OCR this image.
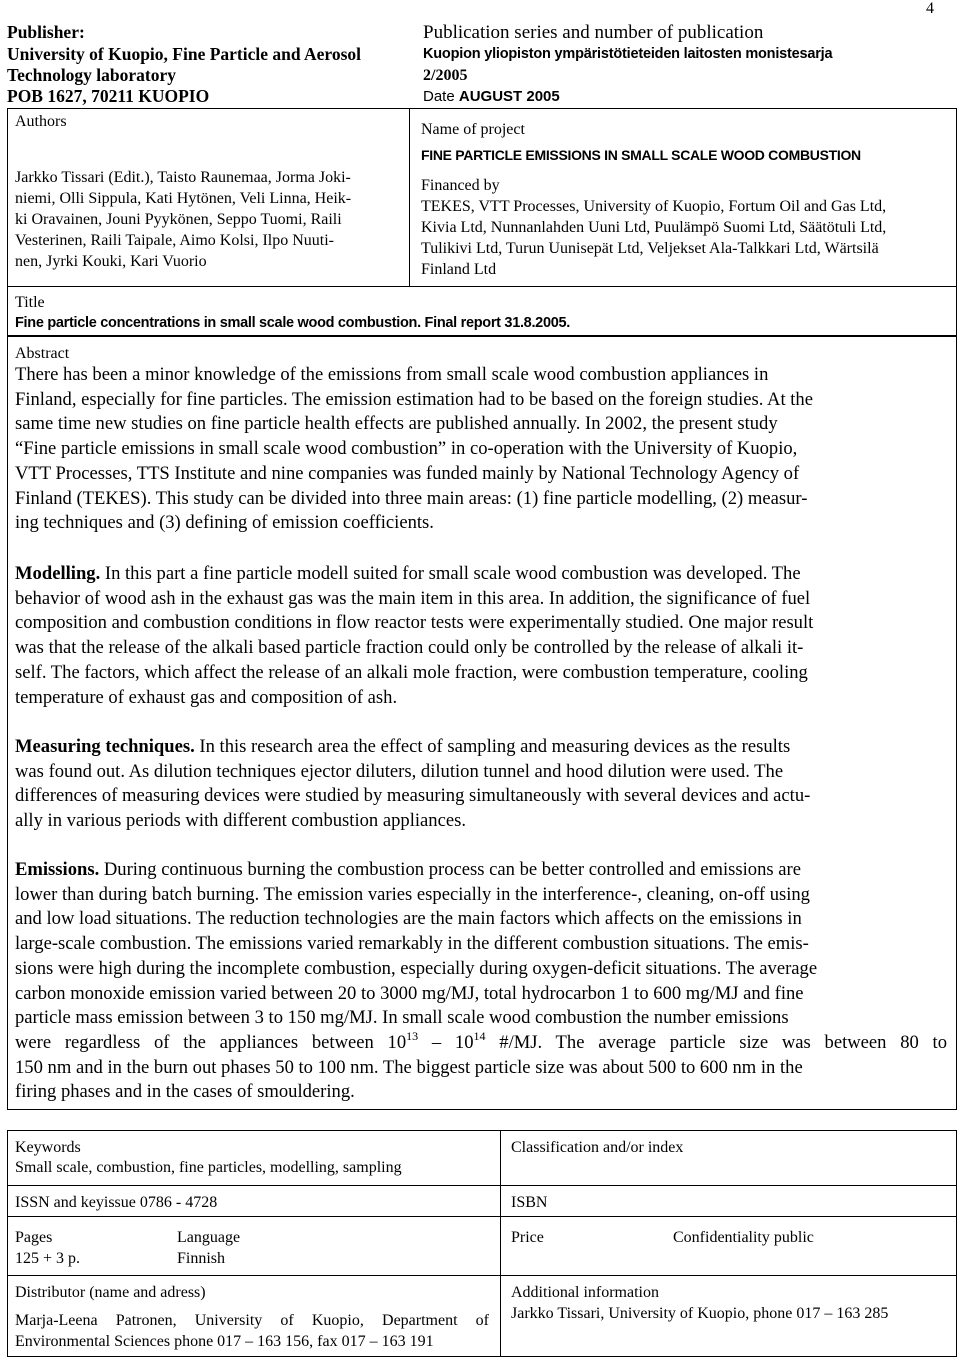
4
Publisher:
University of Kuopio, Fine Particle and Aerosol
Technology laboratory
POB 1627, 70211 KUOPIO
Publication series and number of publication
Kuopion yliopiston ympäristötieteiden laitosten monistesarja
2/2005
Date AUGUST 2005
Authors
Jarkko Tissari (Edit.), Taisto Raunemaa, Jorma Joki-
niemi, Olli Sippula, Kati Hytönen, Veli Linna, Heik-
ki Oravainen, Jouni Pyykönen, Seppo Tuomi, Raili
Vesterinen, Raili Taipale, Aimo Kolsi, Ilpo Nuuti-
nen, Jyrki Kouki, Kari Vuorio
Name of project
FINE PARTICLE EMISSIONS IN SMALL SCALE WOOD COMBUSTION
Financed by
TEKES, VTT Processes, University of Kuopio, Fortum Oil and Gas Ltd,
Kivia Ltd, Nunnanlahden Uuni Ltd, Puulämpö Suomi Ltd, Säätötuli Ltd,
Tulikivi Ltd, Turun Uunisepät Ltd, Veljekset Ala-Talkkari Ltd, Wärtsilä
Finland Ltd
Title
Fine particle concentrations in small scale wood combustion. Final report 31.8.2005.
Abstract
There has been a minor knowledge of the emissions from small scale wood combustion appliances in
Finland, especially for fine particles. The emission estimation had to be based on the foreign studies. At the
same time new studies on fine particle health effects are published annually. In 2002, the present study
“Fine particle emissions in small scale wood combustion” in co-operation with the University of Kuopio,
VTT Processes, TTS Institute and nine companies was funded mainly by National Technology Agency of
Finland (TEKES). This study can be divided into three main areas: (1) fine particle modelling, (2) measur-
ing techniques and (3) defining of emission coefficients.
Modelling. In this part a fine particle modell suited for small scale wood combustion was developed. The
behavior of wood ash in the exhaust gas was the main item in this area. In addition, the significance of fuel
composition and combustion conditions in flow reactor tests were experimentally studied. One major result
was that the release of the alkali based particle fraction could only be controlled by the release of alkali it-
self. The factors, which affect the release of an alkali mole fraction, were combustion temperature, cooling
temperature of exhaust gas and composition of ash.
Measuring techniques. In this research area the effect of sampling and measuring devices as the results
was found out. As dilution techniques ejector diluters, dilution tunnel and hood dilution were used. The
differences of measuring devices were studied by measuring simultaneously with several devices and actu-
ally in various periods with different combustion appliances.
Emissions. During continuous burning the combustion process can be better controlled and emissions are
lower than during batch burning. The emission varies especially in the interference-, cleaning, on-off using
and low load situations. The reduction technologies are the main factors which affects on the emissions in
large-scale combustion. The emissions varied remarkably in the different combustion situations. The emis-
sions were high during the incomplete combustion, especially during oxygen-deficit situations. The average
carbon monoxide emission varied between 20 to 3000 mg/MJ, total hydrocarbon 1 to 600 mg/MJ and fine
particle mass emission between 3 to 150 mg/MJ. In small scale wood combustion the number emissions
were regardless of the appliances between $10^{13} - 10^{14}$ #/MJ. The average particle size was between 80 to
150 nm and in the burn out phases 50 to 100 nm. The biggest particle size was about 500 to 600 nm in the
firing phases and in the cases of smouldering.
Keywords
Small scale, combustion, fine particles, modelling, sampling
Classification and/or index
ISSN and keyissue 0786 - 4728	ISBN
Pages
125 + 3 p.
Language
Finnish
Price	Confidentiality public
Distributor (name and adress)
Marja-Leena Patronen, University of Kuopio, Department of
Environmental Sciences phone 017 – 163 156, fax 017 – 163 191
Additional information
Jarkko Tissari, University of Kuopio, phone 017 – 163 285
